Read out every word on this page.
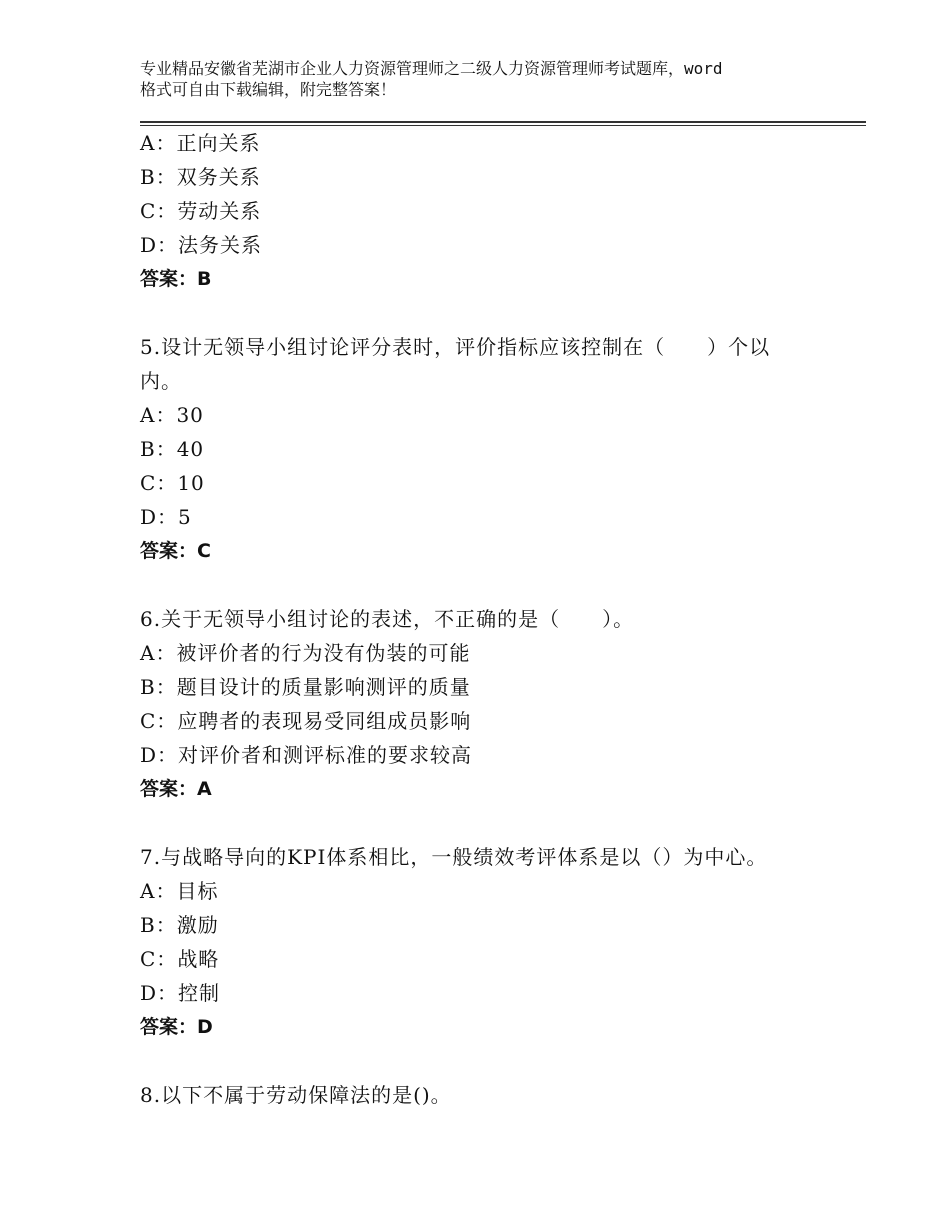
专业精品安徽省芜湖市企业人力资源管理师之二级人力资源管理师考试题库，word
格式可自由下载编辑，附完整答案！
A：正向关系
B：双务关系
C：劳动关系
D：法务关系
答案：B
5.设计无领导小组讨论评分表时，评价指标应该控制在（　　）个以
内。
A：30
B：40
C：10
D：5
答案：C
6.关于无领导小组讨论的表述，不正确的是（　　）。
A：被评价者的行为没有伪装的可能
B：题目设计的质量影响测评的质量
C：应聘者的表现易受同组成员影响
D：对评价者和测评标准的要求较高
答案：A
7.与战略导向的KPI体系相比，一般绩效考评体系是以（）为中心。
A：目标
B：激励
C：战略
D：控制
答案：D
8.以下不属于劳动保障法的是()。
